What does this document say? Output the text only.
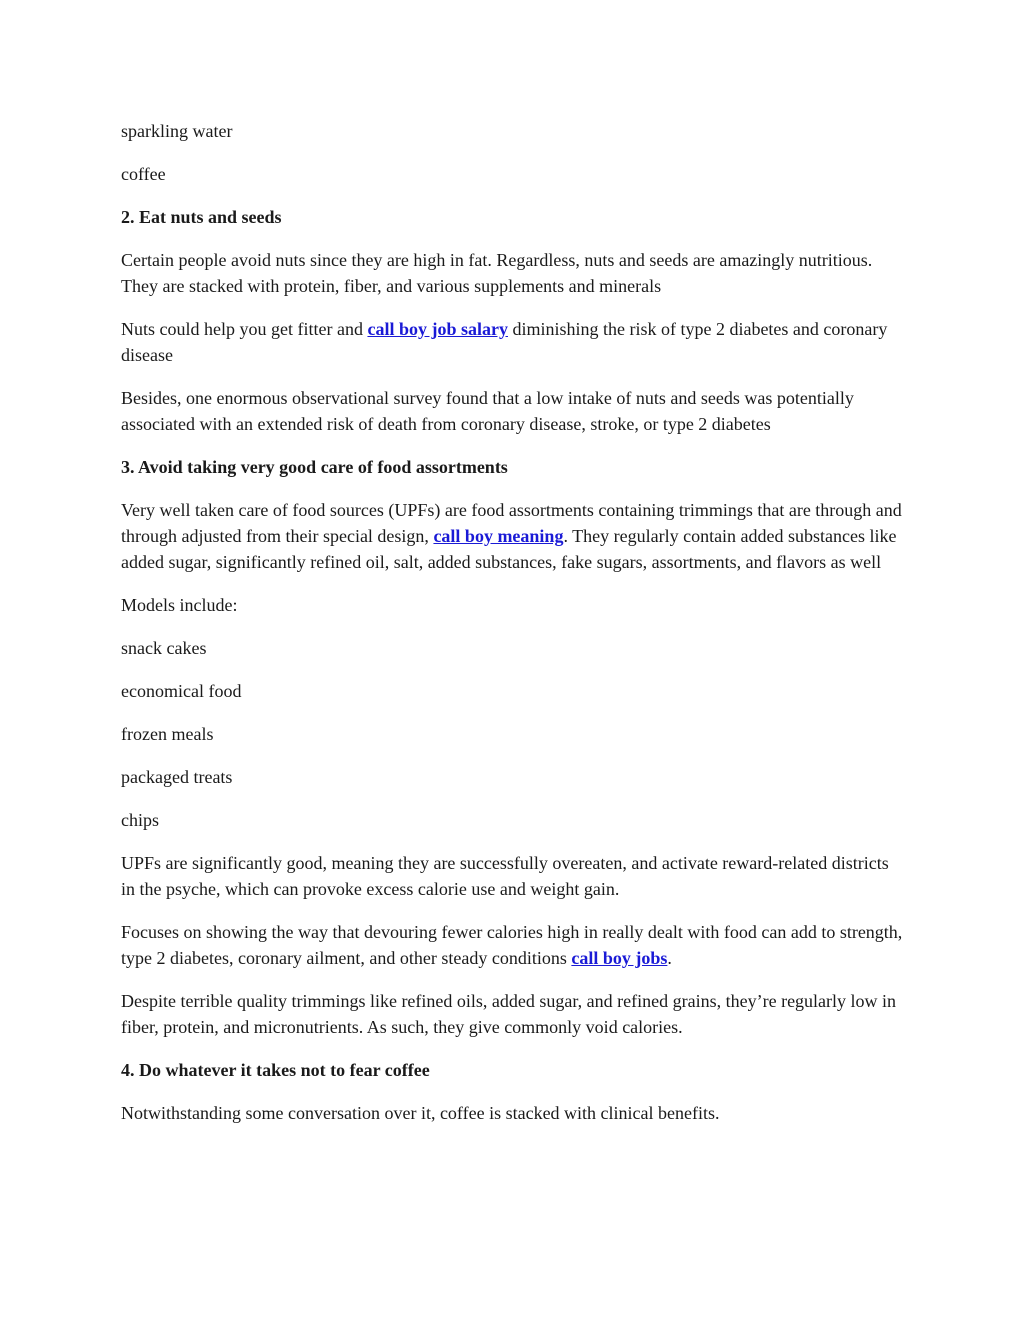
sparkling water

coffee

2. Eat nuts and seeds

Certain people avoid nuts since they are high in fat. Regardless, nuts and seeds are amazingly nutritious. They are stacked with protein, fiber, and various supplements and minerals

Nuts could help you get fitter and call boy job salary diminishing the risk of type 2 diabetes and coronary disease

Besides, one enormous observational survey found that a low intake of nuts and seeds was potentially associated with an extended risk of death from coronary disease, stroke, or type 2 diabetes

3. Avoid taking very good care of food assortments

Very well taken care of food sources (UPFs) are food assortments containing trimmings that are through and through adjusted from their special design, call boy meaning. They regularly contain added substances like added sugar, significantly refined oil, salt, added substances, fake sugars, assortments, and flavors as well

Models include:

snack cakes

economical food

frozen meals

packaged treats

chips

UPFs are significantly good, meaning they are successfully overeaten, and activate reward-related districts in the psyche, which can provoke excess calorie use and weight gain.

Focuses on showing the way that devouring fewer calories high in really dealt with food can add to strength, type 2 diabetes, coronary ailment, and other steady conditions call boy jobs.

Despite terrible quality trimmings like refined oils, added sugar, and refined grains, they’re regularly low in fiber, protein, and micronutrients. As such, they give commonly void calories.

4. Do whatever it takes not to fear coffee

Notwithstanding some conversation over it, coffee is stacked with clinical benefits.
